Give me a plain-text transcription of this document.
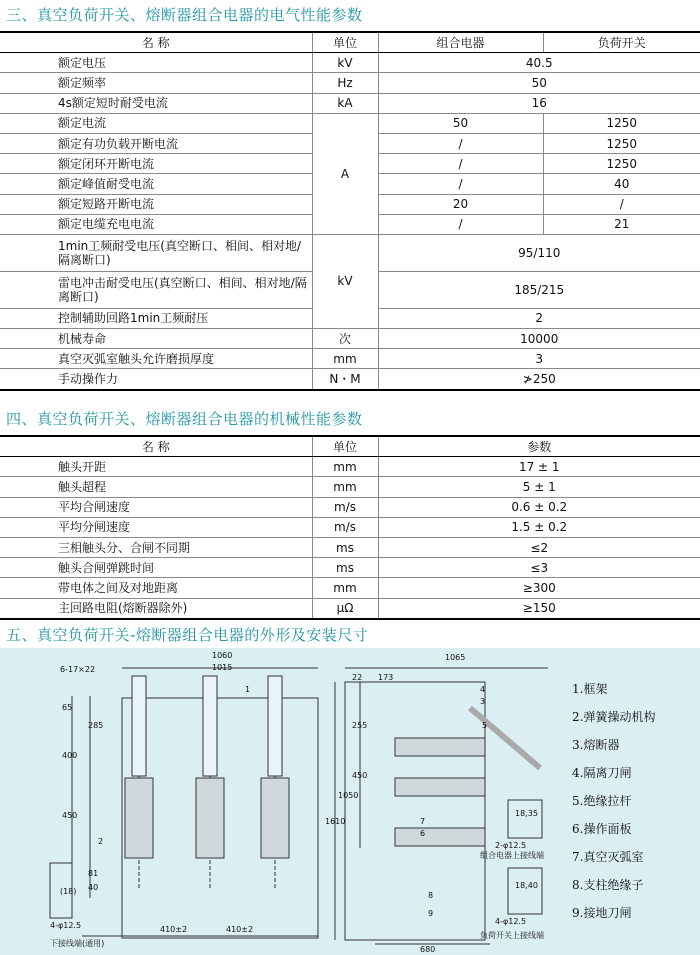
三、真空负荷开关、熔断器组合电器的电气性能参数
名 称	单位	组合电器	负荷开关
额定电压	kV	40.5	
额定频率	Hz	50	
4s额定短时耐受电流	kA	16	
额定电流	A	50	1250
额定有功负载开断电流		/	1250
额定闭环开断电流		/	1250
额定峰值耐受电流		/	40
额定短路开断电流		20	/
额定电缆充电电流		/	21
1min工频耐受电压(真空断口、相间、相对地/隔离断口)	kV	95/110	
雷电冲击耐受电压(真空断口、相间、相对地/隔离断口)		185/215	
控制辅助回路1min工频耐压		2	
机械寿命	次	10000	
真空灭弧室触头允许磨损厚度	mm	3	
手动操作力	N・M	≯250	
四、真空负荷开关、熔断器组合电器的机械性能参数
名 称	单位	参数
触头开距	mm	17 ± 1
触头超程	mm	5 ± 1
平均合闸速度	m/s	0.6 ± 0.2
平均分闸速度	m/s	1.5 ± 0.2
三相触头分、合闸不同期	ms	≤2
触头合闸弹跳时间	ms	≤3
带电体之间及对地距离	mm	≥300
主回路电阻(熔断器除外)	μΩ	≥150
五、真空负荷开关-熔断器组合电器的外形及安装尺寸
6-17×22
1060
1015
65
285
400
450
81
40
(18)
4-φ12.5	410±2	410±2
1065
22 173
255
450
1050
1610
680
18,35
2-φ12.5
18,40
4-φ12.5
下接线端(通用)
组合电器上接线端
负荷开关上接线端
1
2
3
4
5
6
7
8
9
1.框架
2.弹簧操动机构
3.熔断器
4.隔离刀闸
5.绝缘拉杆
6.操作面板
7.真空灭弧室
8.支柱绝缘子
9.接地刀闸
